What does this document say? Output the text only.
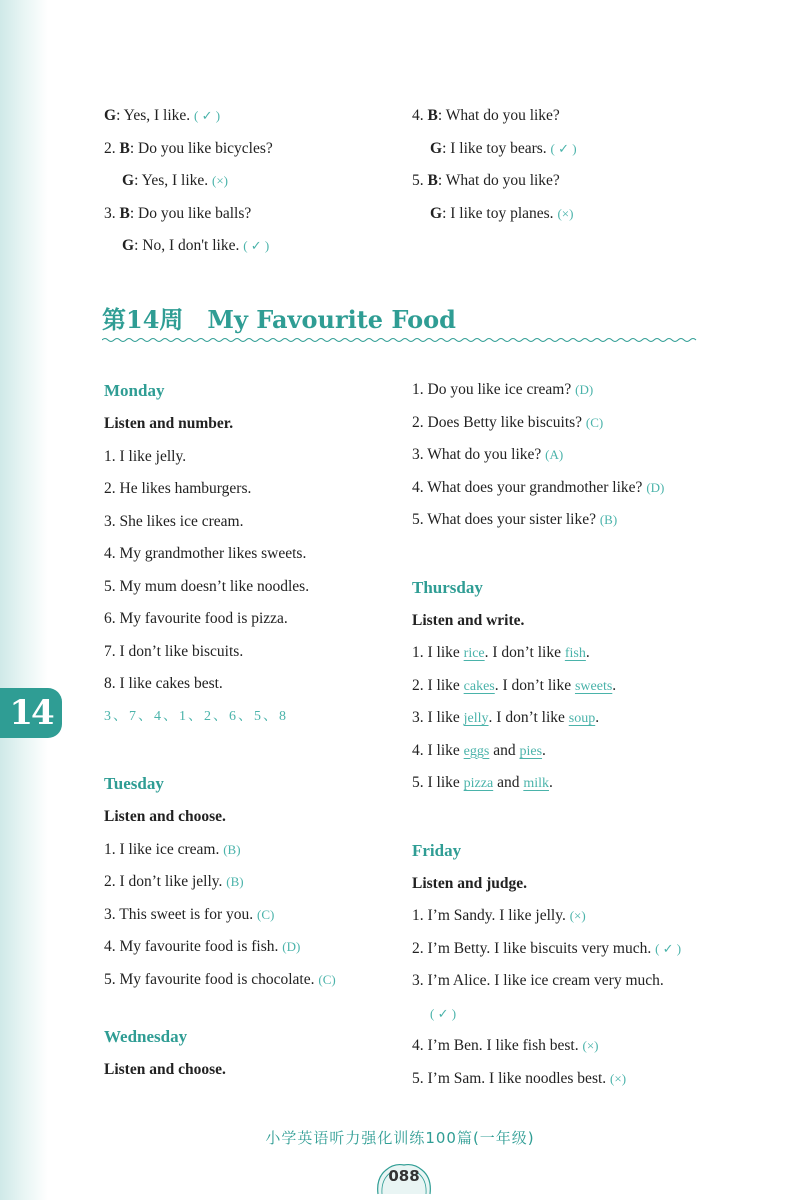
14
G: Yes, I like. ( ✓ )
2. B: Do you like bicycles?
G: Yes, I like. (×)
3. B: Do you like balls?
G: No, I don't like. ( ✓ )
4. B: What do you like?
G: I like toy bears. ( ✓ )
5. B: What do you like?
G: I like toy planes. (×)
第14周 My Favourite Food
Monday
Listen and number.
1. I like jelly.
2. He likes hamburgers.
3. She likes ice cream.
4. My grandmother likes sweets.
5. My mum doesn’t like noodles.
6. My favourite food is pizza.
7. I don’t like biscuits.
8. I like cakes best.
3、7、4、1、2、6、5、8
Tuesday
Listen and choose.
1. I like ice cream. (B)
2. I don’t like jelly. (B)
3. This sweet is for you. (C)
4. My favourite food is fish. (D)
5. My favourite food is chocolate. (C)
Wednesday
Listen and choose.
1. Do you like ice cream? (D)
2. Does Betty like biscuits? (C)
3. What do you like? (A)
4. What does your grandmother like? (D)
5. What does your sister like? (B)
Thursday
Listen and write.
1. I like rice. I don’t like fish.
2. I like cakes. I don’t like sweets.
3. I like jelly. I don’t like soup.
4. I like eggs and pies.
5. I like pizza and milk.
Friday
Listen and judge.
1. I’m Sandy. I like jelly. (×)
2. I’m Betty. I like biscuits very much. ( ✓ )
3. I’m Alice. I like ice cream very much.
( ✓ )
4. I’m Ben. I like fish best. (×)
5. I’m Sam. I like noodles best. (×)
小学英语听力强化训练100篇(一年级)
088
